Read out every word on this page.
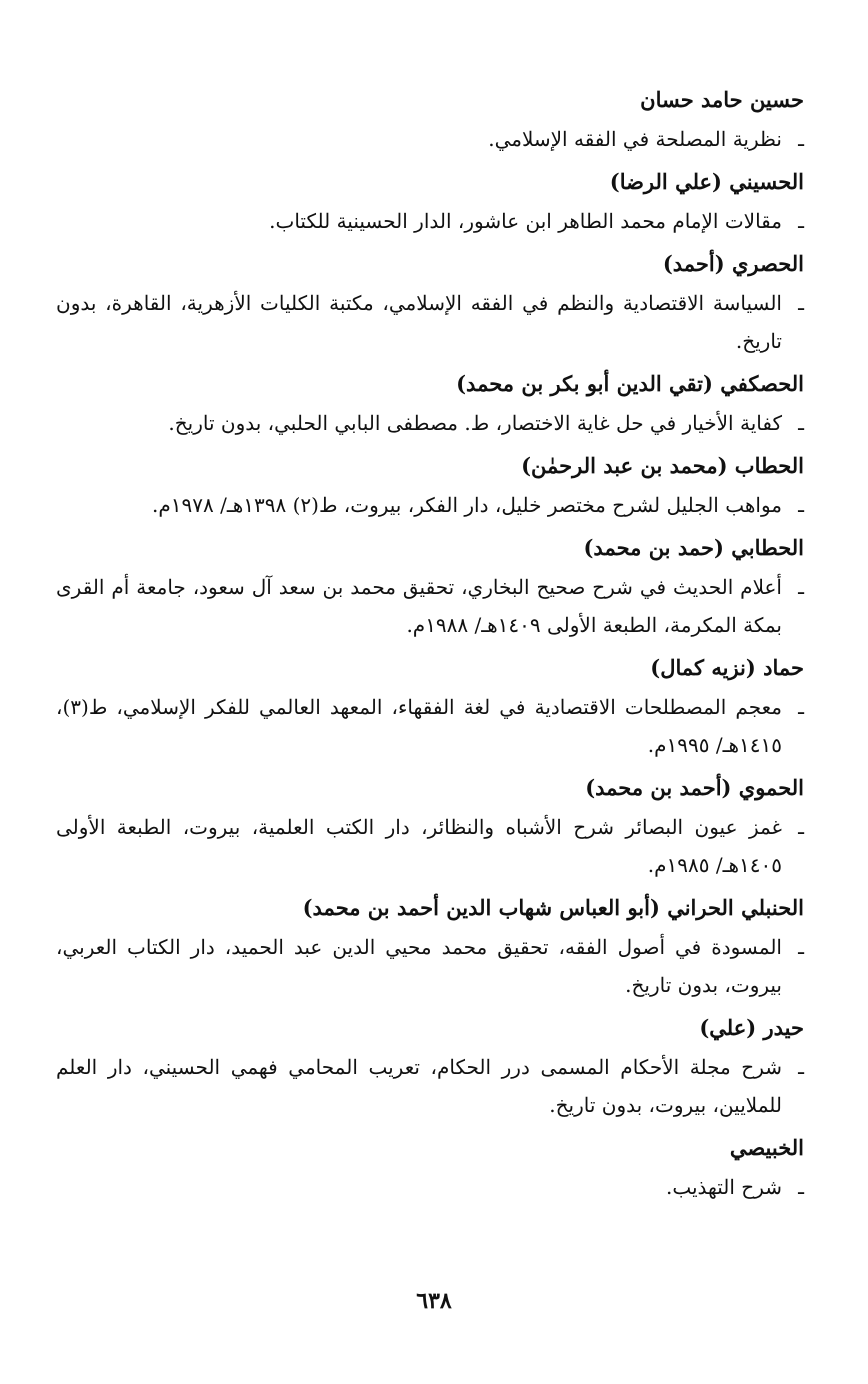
حسين حامد حسان
ـنظرية المصلحة في الفقه الإسلامي.
الحسيني (علي الرضا)
ـمقالات الإمام محمد الطاهر ابن عاشور، الدار الحسينية للكتاب.
الحصري (أحمد)
ـالسياسة الاقتصادية والنظم في الفقه الإسلامي، مكتبة الكليات الأزهرية، القاهرة، بدون تاريخ.
الحصكفي (تقي الدين أبو بكر بن محمد)
ـكفاية الأخيار في حل غاية الاختصار، ط. مصطفى البابي الحلبي، بدون تاريخ.
الحطاب (محمد بن عبد الرحمٰن)
ـمواهب الجليل لشرح مختصر خليل، دار الفكر، بيروت، ط(٢) ١٣٩٨هـ/ ١٩٧٨م.
الحطابي (حمد بن محمد)
ـأعلام الحديث في شرح صحيح البخاري، تحقيق محمد بن سعد آل سعود، جامعة أم القرى بمكة المكرمة، الطبعة الأولى ١٤٠٩هـ/ ١٩٨٨م.
حماد (نزيه كمال)
ـمعجم المصطلحات الاقتصادية في لغة الفقهاء، المعهد العالمي للفكر الإسلامي، ط(٣)، ١٤١٥هـ/ ١٩٩٥م.
الحموي (أحمد بن محمد)
ـغمز عيون البصائر شرح الأشباه والنظائر، دار الكتب العلمية، بيروت، الطبعة الأولى ١٤٠٥هـ/ ١٩٨٥م.
الحنبلي الحراني (أبو العباس شهاب الدين أحمد بن محمد)
ـالمسودة في أصول الفقه، تحقيق محمد محيي الدين عبد الحميد، دار الكتاب العربي، بيروت، بدون تاريخ.
حيدر (علي)
ـشرح مجلة الأحكام المسمى درر الحكام، تعريب المحامي فهمي الحسيني، دار العلم للملايين، بيروت، بدون تاريخ.
الخبيصي
ـشرح التهذيب.
٦٣٨
